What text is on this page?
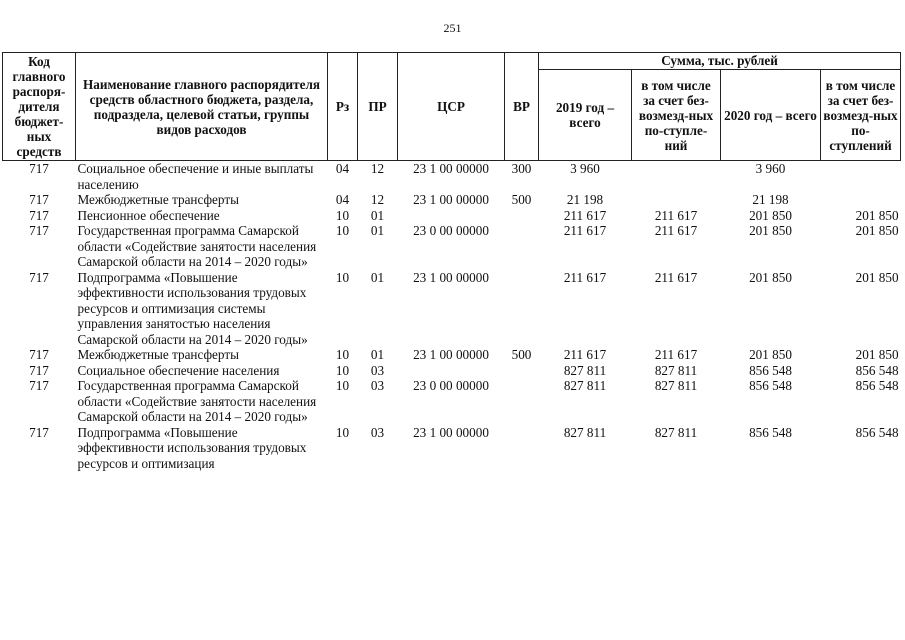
251
Код главного распоря-дителя бюджет-ных средств	Наименование главного распорядителя средств областного бюджета, раздела, подраздела, целевой статьи, группы видов расходов	Рз	ПР	ЦСР	ВР	Сумма, тыс. рублей			
						2019 год – всего	в том числе за счет без-возмезд-ных по-ступле-ний	2020 год – всего	в том числе за счет без-возмезд-ных по-ступлений
717	Социальное обеспечение и иные выплаты населению	04	12	23 1 00 00000	300	3 960		3 960	
717	Межбюджетные трансферты	04	12	23 1 00 00000	500	21 198		21 198	
717	Пенсионное обеспечение	10	01			211 617	211 617	201 850	201 850
717	Государственная программа Самарской области «Содействие занятости населения Самарской области на 2014 – 2020 годы»	10	01	23 0 00 00000		211 617	211 617	201 850	201 850
717	Подпрограмма «Повышение эффективности использования трудовых ресурсов и оптимизация системы управления занятостью населения Самарской области на 2014 – 2020 годы»	10	01	23 1 00 00000		211 617	211 617	201 850	201 850
717	Межбюджетные трансферты	10	01	23 1 00 00000	500	211 617	211 617	201 850	201 850
717	Социальное обеспечение населения	10	03			827 811	827 811	856 548	856 548
717	Государственная программа Самарской области «Содействие занятости населения Самарской области на 2014 – 2020 годы»	10	03	23 0 00 00000		827 811	827 811	856 548	856 548
717	Подпрограмма «Повышение эффективности использования трудовых ресурсов и оптимизация	10	03	23 1 00 00000		827 811	827 811	856 548	856 548
